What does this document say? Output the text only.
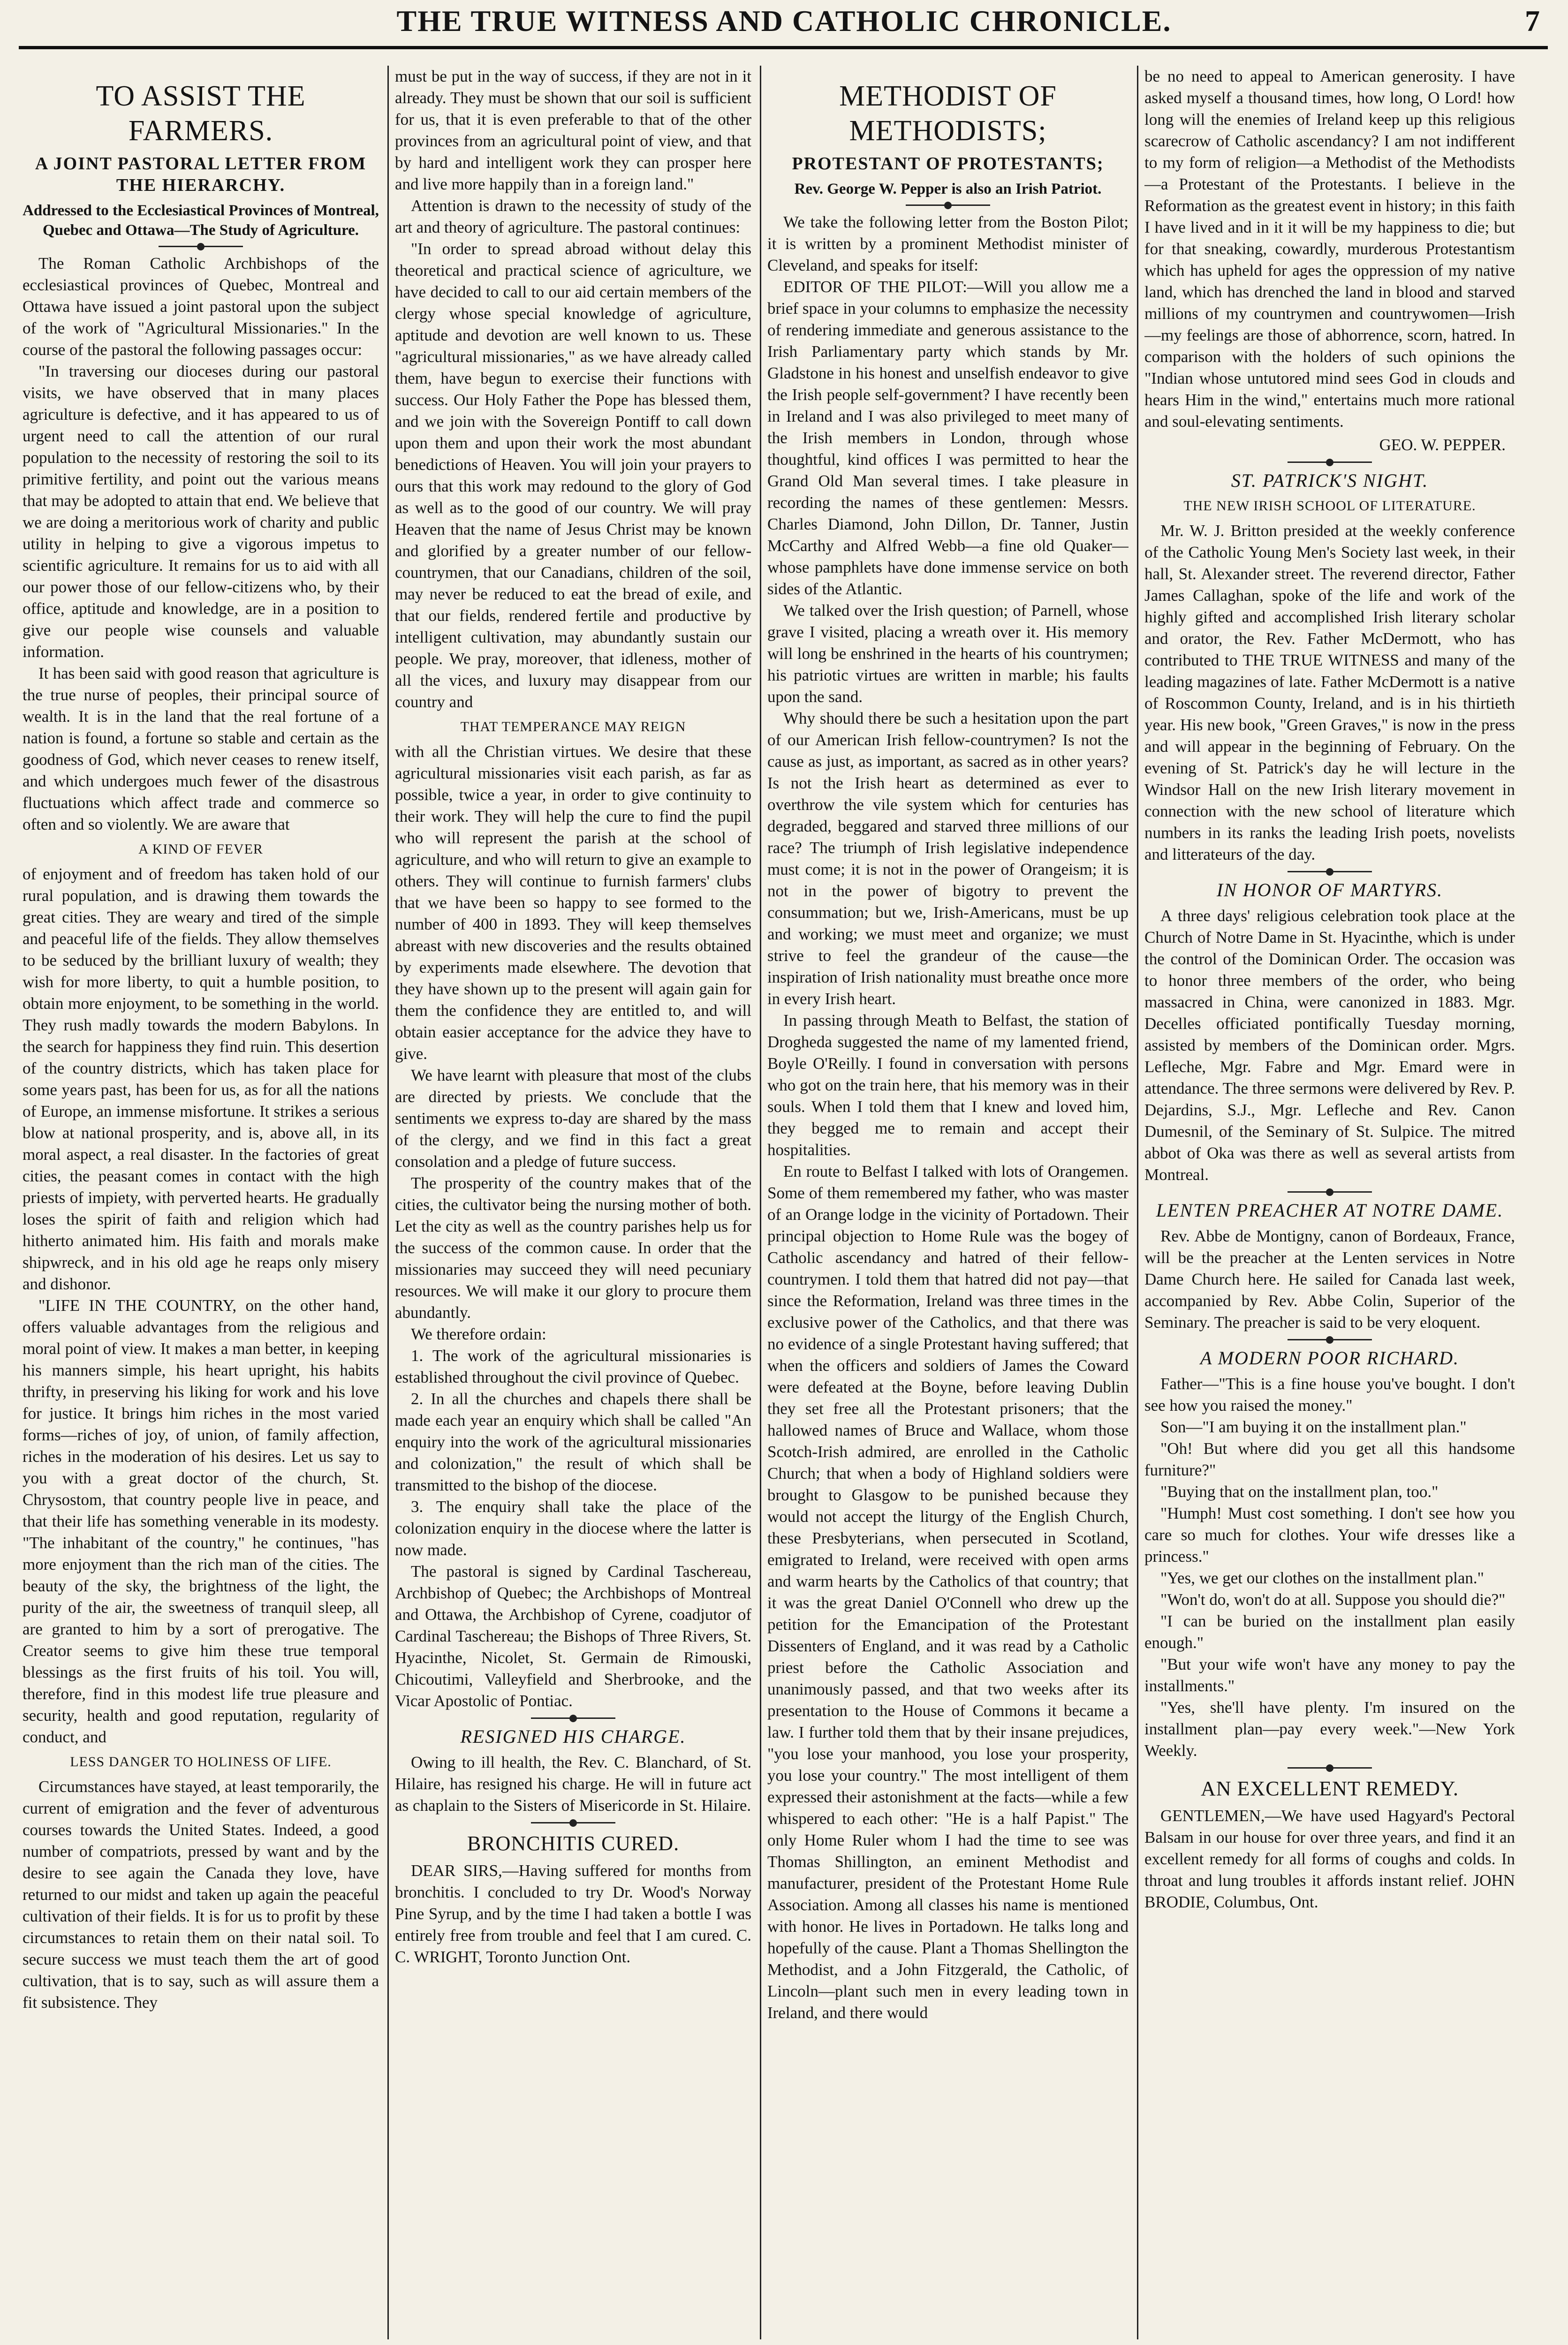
THE TRUE WITNESS AND CATHOLIC CHRONICLE.	7
TO ASSIST THE FARMERS.
A JOINT PASTORAL LETTER FROM THE HIERARCHY.
Addressed to the Ecclesiastical Provinces of Montreal, Quebec and Ottawa—The Study of Agriculture.

The Roman Catholic Archbishops of the ecclesiastical provinces of Quebec, Montreal and Ottawa have issued a joint pastoral upon the subject of the work of "Agricultural Missionaries." In the course of the pastoral the following passages occur:

"In traversing our dioceses during our pastoral visits, we have observed that in many places agriculture is defective, and it has appeared to us of urgent need to call the attention of our rural population to the necessity of restoring the soil to its primitive fertility, and point out the various means that may be adopted to attain that end. We believe that we are doing a meritorious work of charity and public utility in helping to give a vigorous impetus to scientific agriculture. It remains for us to aid with all our power those of our fellow-citizens who, by their office, aptitude and knowledge, are in a position to give our people wise counsels and valuable information.

It has been said with good reason that agriculture is the true nurse of peoples, their principal source of wealth. It is in the land that the real fortune of a nation is found, a fortune so stable and certain as the goodness of God, which never ceases to renew itself, and which undergoes much fewer of the disastrous fluctuations which affect trade and commerce so often and so violently. We are aware that

A KIND OF FEVER

of enjoyment and of freedom has taken hold of our rural population, and is drawing them towards the great cities. They are weary and tired of the simple and peaceful life of the fields. They allow themselves to be seduced by the brilliant luxury of wealth; they wish for more liberty, to quit a humble position, to obtain more enjoyment, to be something in the world. They rush madly towards the modern Babylons. In the search for happiness they find ruin. This desertion of the country districts, which has taken place for some years past, has been for us, as for all the nations of Europe, an immense misfortune. It strikes a serious blow at national prosperity, and is, above all, in its moral aspect, a real disaster. In the factories of great cities, the peasant comes in contact with the high priests of impiety, with perverted hearts. He gradually loses the spirit of faith and religion which had hitherto animated him. His faith and morals make shipwreck, and in his old age he reaps only misery and dishonor.

"LIFE IN THE COUNTRY, on the other hand, offers valuable advantages from the religious and moral point of view. It makes a man better, in keeping his manners simple, his heart upright, his habits thrifty, in preserving his liking for work and his love for justice. It brings him riches in the most varied forms—riches of joy, of union, of family affection, riches in the moderation of his desires. Let us say to you with a great doctor of the church, St. Chrysostom, that country people live in peace, and that their life has something venerable in its modesty. "The inhabitant of the country," he continues, "has more enjoyment than the rich man of the cities. The beauty of the sky, the brightness of the light, the purity of the air, the sweetness of tranquil sleep, all are granted to him by a sort of prerogative. The Creator seems to give him these true temporal blessings as the first fruits of his toil. You will, therefore, find in this modest life true pleasure and security, health and good reputation, regularity of conduct, and

LESS DANGER TO HOLINESS OF LIFE.

Circumstances have stayed, at least temporarily, the current of emigration and the fever of adventurous courses towards the United States. Indeed, a good number of compatriots, pressed by want and by the desire to see again the Canada they love, have returned to our midst and taken up again the peaceful cultivation of their fields. It is for us to profit by these circumstances to retain them on their natal soil. To secure success we must teach them the art of good cultivation, that is to say, such as will assure them a fit subsistence. They

must be put in the way of success, if they are not in it already. They must be shown that our soil is sufficient for us, that it is even preferable to that of the other provinces from an agricultural point of view, and that by hard and intelligent work they can prosper here and live more happily than in a foreign land."

Attention is drawn to the necessity of study of the art and theory of agriculture. The pastoral continues:

"In order to spread abroad without delay this theoretical and practical science of agriculture, we have decided to call to our aid certain members of the clergy whose special knowledge of agriculture, aptitude and devotion are well known to us. These "agricultural missionaries," as we have already called them, have begun to exercise their functions with success. Our Holy Father the Pope has blessed them, and we join with the Sovereign Pontiff to call down upon them and upon their work the most abundant benedictions of Heaven. You will join your prayers to ours that this work may redound to the glory of God as well as to the good of our country. We will pray Heaven that the name of Jesus Christ may be known and glorified by a greater number of our fellow-countrymen, that our Canadians, children of the soil, may never be reduced to eat the bread of exile, and that our fields, rendered fertile and productive by intelligent cultivation, may abundantly sustain our people. We pray, moreover, that idleness, mother of all the vices, and luxury may disappear from our country and

THAT TEMPERANCE MAY REIGN

with all the Christian virtues. We desire that these agricultural missionaries visit each parish, as far as possible, twice a year, in order to give continuity to their work. They will help the cure to find the pupil who will represent the parish at the school of agriculture, and who will return to give an example to others. They will continue to furnish farmers' clubs that we have been so happy to see formed to the number of 400 in 1893. They will keep themselves abreast with new discoveries and the results obtained by experiments made elsewhere. The devotion that they have shown up to the present will again gain for them the confidence they are entitled to, and will obtain easier acceptance for the advice they have to give.

We have learnt with pleasure that most of the clubs are directed by priests. We conclude that the sentiments we express to-day are shared by the mass of the clergy, and we find in this fact a great consolation and a pledge of future success.

The prosperity of the country makes that of the cities, the cultivator being the nursing mother of both. Let the city as well as the country parishes help us for the success of the common cause. In order that the missionaries may succeed they will need pecuniary resources. We will make it our glory to procure them abundantly.

We therefore ordain:

1. The work of the agricultural missionaries is established throughout the civil province of Quebec.

2. In all the churches and chapels there shall be made each year an enquiry which shall be called "An enquiry into the work of the agricultural missionaries and colonization," the result of which shall be transmitted to the bishop of the diocese.

3. The enquiry shall take the place of the colonization enquiry in the diocese where the latter is now made.

The pastoral is signed by Cardinal Taschereau, Archbishop of Quebec; the Archbishops of Montreal and Ottawa, the Archbishop of Cyrene, coadjutor of Cardinal Taschereau; the Bishops of Three Rivers, St. Hyacinthe, Nicolet, St. Germain de Rimouski, Chicoutimi, Valleyfield and Sherbrooke, and the Vicar Apostolic of Pontiac.

RESIGNED HIS CHARGE.

Owing to ill health, the Rev. C. Blanchard, of St. Hilaire, has resigned his charge. He will in future act as chaplain to the Sisters of Misericorde in St. Hilaire.

BRONCHITIS CURED.

DEAR SIRS,—Having suffered for months from bronchitis. I concluded to try Dr. Wood's Norway Pine Syrup, and by the time I had taken a bottle I was entirely free from trouble and feel that I am cured. C. C. WRIGHT, Toronto Junction Ont.

METHODIST OF METHODISTS;
PROTESTANT OF PROTESTANTS;
Rev. George W. Pepper is also an Irish Patriot.

We take the following letter from the Boston Pilot; it is written by a prominent Methodist minister of Cleveland, and speaks for itself:

EDITOR OF THE PILOT:—Will you allow me a brief space in your columns to emphasize the necessity of rendering immediate and generous assistance to the Irish Parliamentary party which stands by Mr. Gladstone in his honest and unselfish endeavor to give the Irish people self-government? I have recently been in Ireland and I was also privileged to meet many of the Irish members in London, through whose thoughtful, kind offices I was permitted to hear the Grand Old Man several times. I take pleasure in recording the names of these gentlemen: Messrs. Charles Diamond, John Dillon, Dr. Tanner, Justin McCarthy and Alfred Webb—a fine old Quaker—whose pamphlets have done immense service on both sides of the Atlantic.

We talked over the Irish question; of Parnell, whose grave I visited, placing a wreath over it. His memory will long be enshrined in the hearts of his countrymen; his patriotic virtues are written in marble; his faults upon the sand.

Why should there be such a hesitation upon the part of our American Irish fellow-countrymen? Is not the cause as just, as important, as sacred as in other years? Is not the Irish heart as determined as ever to overthrow the vile system which for centuries has degraded, beggared and starved three millions of our race? The triumph of Irish legislative independence must come; it is not in the power of Orangeism; it is not in the power of bigotry to prevent the consummation; but we, Irish-Americans, must be up and working; we must meet and organize; we must strive to feel the grandeur of the cause—the inspiration of Irish nationality must breathe once more in every Irish heart.

In passing through Meath to Belfast, the station of Drogheda suggested the name of my lamented friend, Boyle O'Reilly. I found in conversation with persons who got on the train here, that his memory was in their souls. When I told them that I knew and loved him, they begged me to remain and accept their hospitalities.

En route to Belfast I talked with lots of Orangemen. Some of them remembered my father, who was master of an Orange lodge in the vicinity of Portadown. Their principal objection to Home Rule was the bogey of Catholic ascendancy and hatred of their fellow-countrymen. I told them that hatred did not pay—that since the Reformation, Ireland was three times in the exclusive power of the Catholics, and that there was no evidence of a single Protestant having suffered; that when the officers and soldiers of James the Coward were defeated at the Boyne, before leaving Dublin they set free all the Protestant prisoners; that the hallowed names of Bruce and Wallace, whom those Scotch-Irish admired, are enrolled in the Catholic Church; that when a body of Highland soldiers were brought to Glasgow to be punished because they would not accept the liturgy of the English Church, these Presbyterians, when persecuted in Scotland, emigrated to Ireland, were received with open arms and warm hearts by the Catholics of that country; that it was the great Daniel O'Connell who drew up the petition for the Emancipation of the Protestant Dissenters of England, and it was read by a Catholic priest before the Catholic Association and unanimously passed, and that two weeks after its presentation to the House of Commons it became a law. I further told them that by their insane prejudices, "you lose your manhood, you lose your prosperity, you lose your country." The most intelligent of them expressed their astonishment at the facts—while a few whispered to each other: "He is a half Papist." The only Home Ruler whom I had the time to see was Thomas Shillington, an eminent Methodist and manufacturer, president of the Protestant Home Rule Association. Among all classes his name is mentioned with honor. He lives in Portadown. He talks long and hopefully of the cause. Plant a Thomas Shellington the Methodist, and a John Fitzgerald, the Catholic, of Lincoln—plant such men in every leading town in Ireland, and there would

be no need to appeal to American generosity. I have asked myself a thousand times, how long, O Lord! how long will the enemies of Ireland keep up this religious scarecrow of Catholic ascendancy? I am not indifferent to my form of religion—a Methodist of the Methodists—a Protestant of the Protestants. I believe in the Reformation as the greatest event in history; in this faith I have lived and in it it will be my happiness to die; but for that sneaking, cowardly, murderous Protestantism which has upheld for ages the oppression of my native land, which has drenched the land in blood and starved millions of my countrymen and countrywomen—Irish—my feelings are those of abhorrence, scorn, hatred. In comparison with the holders of such opinions the "Indian whose untutored mind sees God in clouds and hears Him in the wind," entertains much more rational and soul-elevating sentiments.

GEO. W. PEPPER.
ST. PATRICK'S NIGHT.
THE NEW IRISH SCHOOL OF LITERATURE.

Mr. W. J. Britton presided at the weekly conference of the Catholic Young Men's Society last week, in their hall, St. Alexander street. The reverend director, Father James Callaghan, spoke of the life and work of the highly gifted and accomplished Irish literary scholar and orator, the Rev. Father McDermott, who has contributed to THE TRUE WITNESS and many of the leading magazines of late. Father McDermott is a native of Roscommon County, Ireland, and is in his thirtieth year. His new book, "Green Graves," is now in the press and will appear in the beginning of February. On the evening of St. Patrick's day he will lecture in the Windsor Hall on the new Irish literary movement in connection with the new school of literature which numbers in its ranks the leading Irish poets, novelists and litterateurs of the day.

IN HONOR OF MARTYRS.

A three days' religious celebration took place at the Church of Notre Dame in St. Hyacinthe, which is under the control of the Dominican Order. The occasion was to honor three members of the order, who being massacred in China, were canonized in 1883. Mgr. Decelles officiated pontifically Tuesday morning, assisted by members of the Dominican order. Mgrs. Lefleche, Mgr. Fabre and Mgr. Emard were in attendance. The three sermons were delivered by Rev. P. Dejardins, S.J., Mgr. Lefleche and Rev. Canon Dumesnil, of the Seminary of St. Sulpice. The mitred abbot of Oka was there as well as several artists from Montreal.

LENTEN PREACHER AT NOTRE DAME.

Rev. Abbe de Montigny, canon of Bordeaux, France, will be the preacher at the Lenten services in Notre Dame Church here. He sailed for Canada last week, accompanied by Rev. Abbe Colin, Superior of the Seminary. The preacher is said to be very eloquent.

A MODERN POOR RICHARD.

Father—"This is a fine house you've bought. I don't see how you raised the money."

Son—"I am buying it on the installment plan."

"Oh! But where did you get all this handsome furniture?"

"Buying that on the installment plan, too."

"Humph! Must cost something. I don't see how you care so much for clothes. Your wife dresses like a princess."

"Yes, we get our clothes on the installment plan."

"Won't do, won't do at all. Suppose you should die?"

"I can be buried on the installment plan easily enough."

"But your wife won't have any money to pay the installments."

"Yes, she'll have plenty. I'm insured on the installment plan—pay every week."—New York Weekly.

AN EXCELLENT REMEDY.

GENTLEMEN,—We have used Hagyard's Pectoral Balsam in our house for over three years, and find it an excellent remedy for all forms of coughs and colds. In throat and lung troubles it affords instant relief. JOHN BRODIE, Columbus, Ont.
